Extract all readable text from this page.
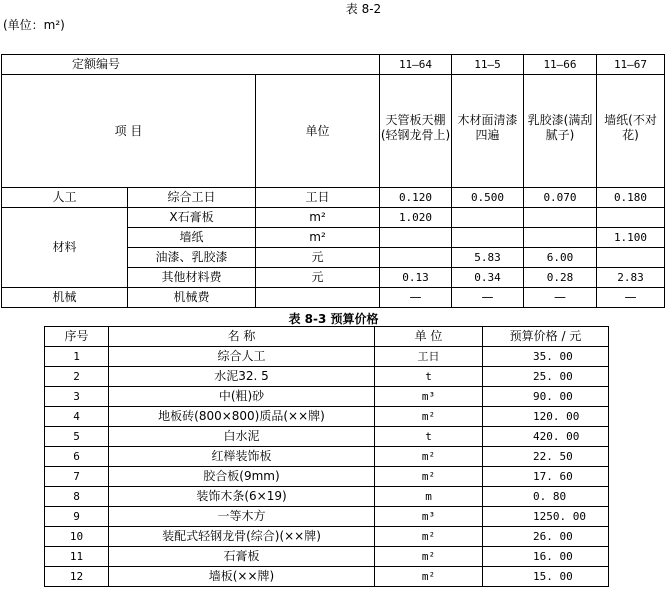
表 8-2
(单位：m²)
定额编号			11—64	11—5	11—66	11—67
项 目		单位	天管板天棚(轻钢龙骨上)	木材面清漆四遍	乳胶漆(满刮腻子)	墙纸(不对花)
人工	综合工日	工日	0.120	0.500	0.070	0.180
材料	X石膏板	m²	1.020			
	墙纸	m²				1.100
	油漆、乳胶漆	元		5.83	6.00	
	其他材料费	元	0.13	0.34	0.28	2.83
机械	机械费		—	—	—	—
表 8-3 预算价格
序号	名 称	单 位	预算价格 / 元
1	综合人工	工日	35. 00
2	水泥32. 5	t	25. 00
3	中(粗)砂	m³	90. 00
4	地板砖(800×800)质品(××牌)	m²	120. 00
5	白水泥	t	420. 00
6	红榉装饰板	m²	22. 50
7	胶合板(9mm)	m²	17. 60
8	装饰木条(6×19)	m	0. 80
9	一等木方	m³	1250. 00
10	装配式轻钢龙骨(综合)(××牌)	m²	26. 00
11	石膏板	m²	16. 00
12	墙板(××牌)	m²	15. 00
